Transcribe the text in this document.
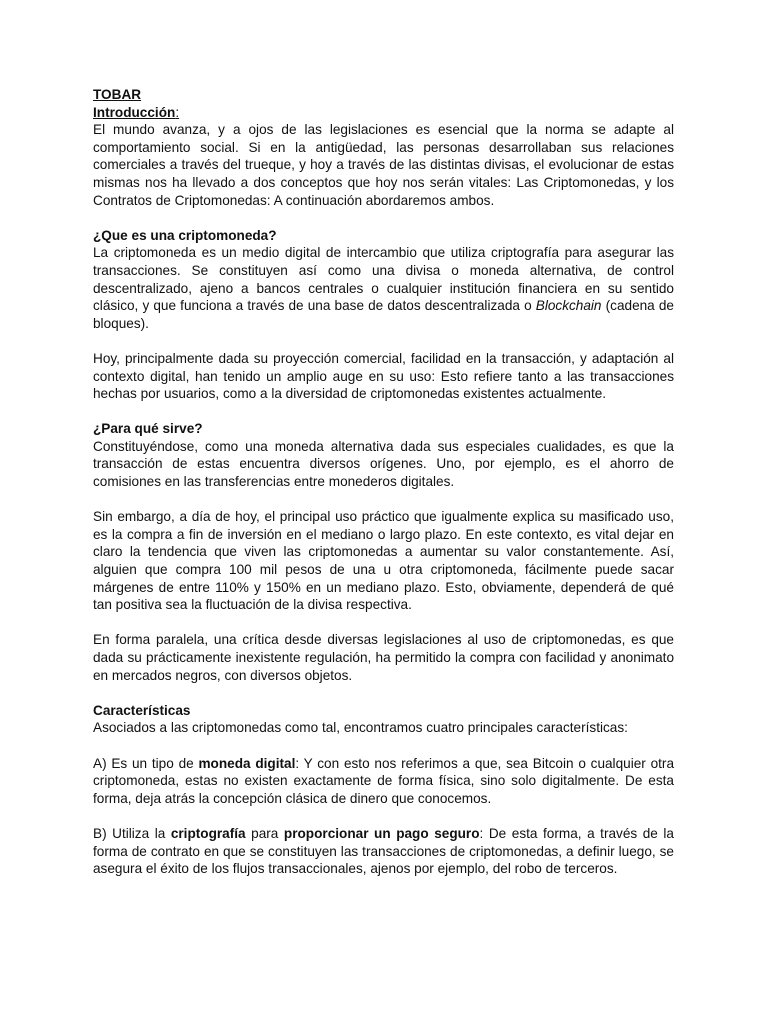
TOBAR
Introducción:

El mundo avanza, y a ojos de las legislaciones es esencial que la norma se adapte al comportamiento social. Si en la antigüedad, las personas desarrollaban sus relaciones comerciales a través del trueque, y hoy a través de las distintas divisas, el evolucionar de estas mismas nos ha llevado a dos conceptos que hoy nos serán vitales: Las Criptomonedas, y los Contratos de Criptomonedas: A continuación abordaremos ambos.

¿Que es una criptomoneda?

La criptomoneda es un medio digital de intercambio que utiliza criptografía para asegurar las transacciones. Se constituyen así como una divisa o moneda alternativa, de control descentralizado, ajeno a bancos centrales o cualquier institución financiera en su sentido clásico, y que funciona a través de una base de datos descentralizada o Blockchain (cadena de bloques).

Hoy, principalmente dada su proyección comercial, facilidad en la transacción, y adaptación al contexto digital, han tenido un amplio auge en su uso: Esto refiere tanto a las transacciones hechas por usuarios, como a la diversidad de criptomonedas existentes actualmente.

¿Para qué sirve?

Constituyéndose, como una moneda alternativa dada sus especiales cualidades, es que la transacción de estas encuentra diversos orígenes. Uno, por ejemplo, es el ahorro de comisiones en las transferencias entre monederos digitales.

Sin embargo, a día de hoy, el principal uso práctico que igualmente explica su masificado uso, es la compra a fin de inversión en el mediano o largo plazo. En este contexto, es vital dejar en claro la tendencia que viven las criptomonedas a aumentar su valor constantemente. Así, alguien que compra 100 mil pesos de una u otra criptomoneda, fácilmente puede sacar márgenes de entre 110% y 150% en un mediano plazo. Esto, obviamente, dependerá de qué tan positiva sea la fluctuación de la divisa respectiva.

En forma paralela, una crítica desde diversas legislaciones al uso de criptomonedas, es que dada su prácticamente inexistente regulación, ha permitido la compra con facilidad y anonimato en mercados negros, con diversos objetos.

Características

Asociados a las criptomonedas como tal, encontramos cuatro principales características:

A) Es un tipo de moneda digital: Y con esto nos referimos a que, sea Bitcoin o cualquier otra criptomoneda, estas no existen exactamente de forma física, sino solo digitalmente. De esta forma, deja atrás la concepción clásica de dinero que conocemos.

B) Utiliza la criptografía para proporcionar un pago seguro: De esta forma, a través de la forma de contrato en que se constituyen las transacciones de criptomonedas, a definir luego, se asegura el éxito de los flujos transaccionales, ajenos por ejemplo, del robo de terceros.
